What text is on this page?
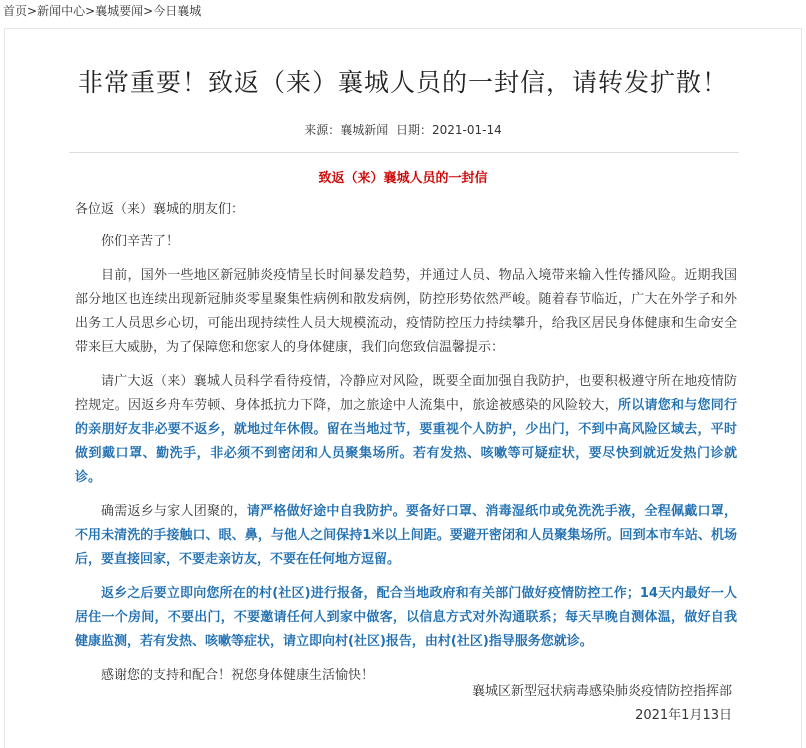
首页>新闻中心>襄城要闻>今日襄城
非常重要！致返（来）襄城人员的一封信，请转发扩散！
来源：襄城新闻 日期：2021-01-14
致返（来）襄城人员的一封信

各位返（来）襄城的朋友们：

你们辛苦了！

目前，国外一些地区新冠肺炎疫情呈长时间暴发趋势，并通过人员、物品入境带来输入性传播风险。近期我国部分地区也连续出现新冠肺炎零星聚集性病例和散发病例，防控形势依然严峻。随着春节临近，广大在外学子和外出务工人员思乡心切，可能出现持续性人员大规模流动，疫情防控压力持续攀升，给我区居民身体健康和生命安全带来巨大威胁，为了保障您和您家人的身体健康，我们向您致信温馨提示：

请广大返（来）襄城人员科学看待疫情，冷静应对风险，既要全面加强自我防护，也要积极遵守所在地疫情防控规定。因返乡舟车劳顿、身体抵抗力下降，加之旅途中人流集中，旅途被感染的风险较大，所以请您和与您同行的亲朋好友非必要不返乡，就地过年休假。留在当地过节，要重视个人防护，少出门，不到中高风险区域去，平时做到戴口罩、勤洗手，非必须不到密闭和人员聚集场所。若有发热、咳嗽等可疑症状，要尽快到就近发热门诊就诊。

确需返乡与家人团聚的，请严格做好途中自我防护。要备好口罩、消毒湿纸巾或免洗洗手液，全程佩戴口罩，不用未清洗的手接触口、眼、鼻，与他人之间保持1米以上间距。要避开密闭和人员聚集场所。回到本市车站、机场后，要直接回家，不要走亲访友，不要在任何地方逗留。

返乡之后要立即向您所在的村(社区)进行报备，配合当地政府和有关部门做好疫情防控工作；14天内最好一人居住一个房间，不要出门，不要邀请任何人到家中做客，以信息方式对外沟通联系；每天早晚自测体温，做好自我健康监测，若有发热、咳嗽等症状，请立即向村(社区)报告，由村(社区)指导服务您就诊。

感谢您的支持和配合！祝您身体健康生活愉快！

襄城区新型冠状病毒感染肺炎疫情防控指挥部
2021年1月13日
